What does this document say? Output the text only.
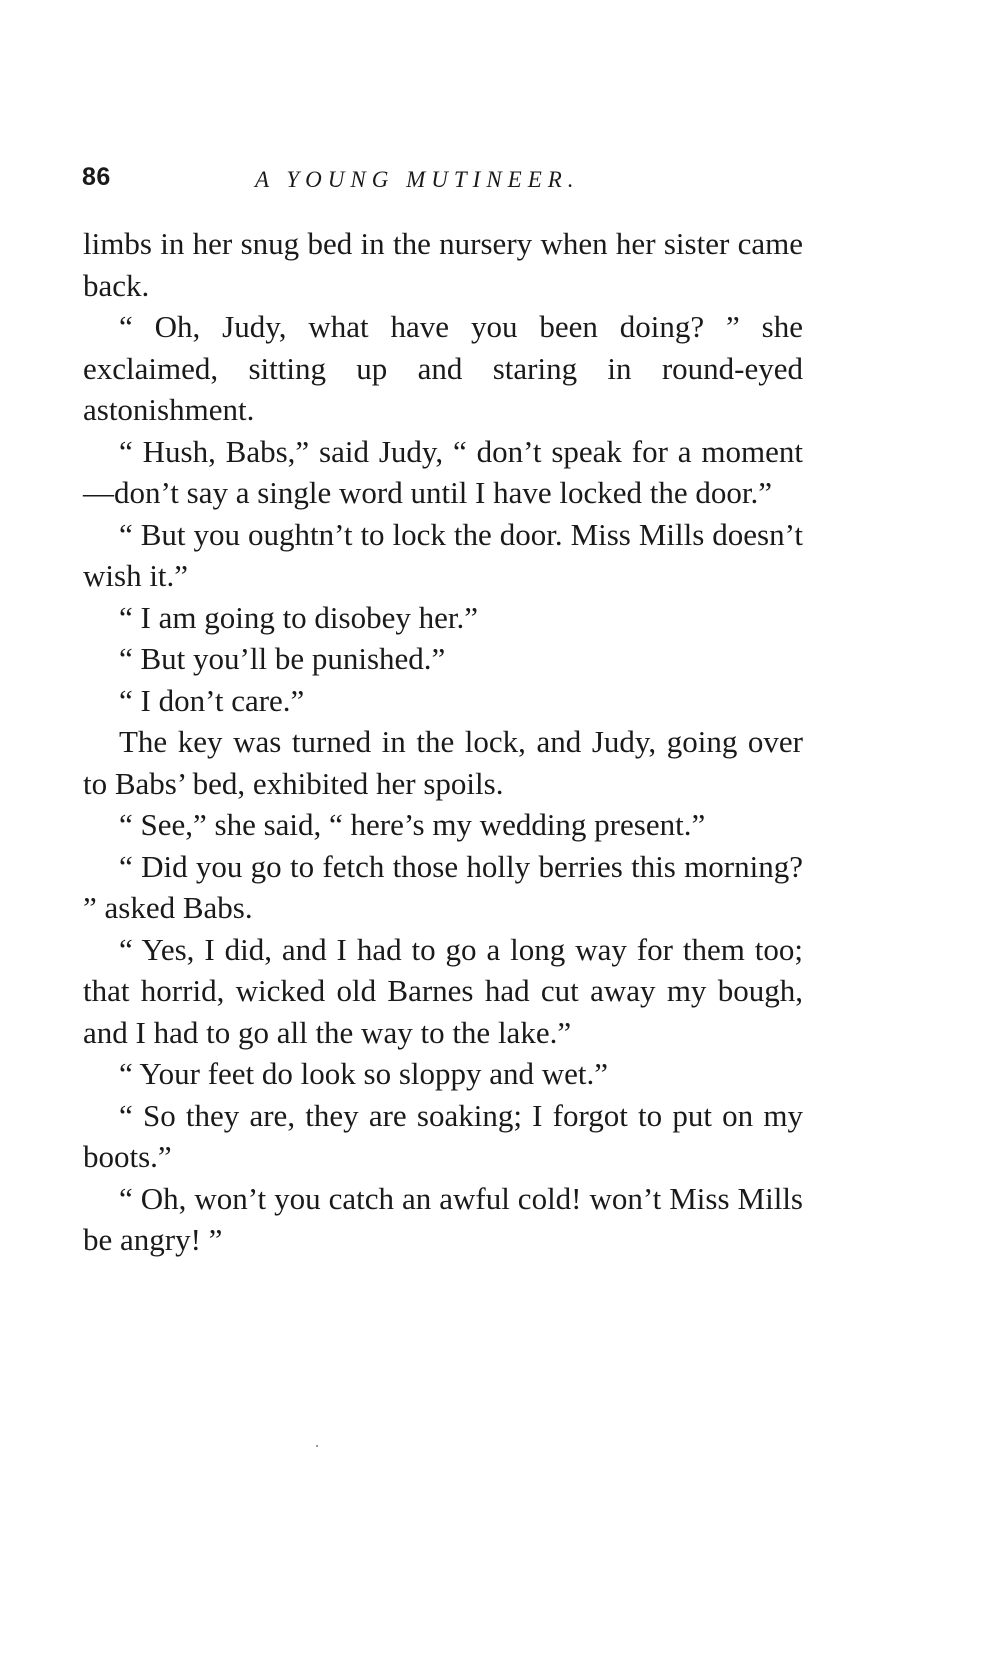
86	A YOUNG MUTINEER.

limbs in her snug bed in the nursery when her sister came back.

“ Oh, Judy, what have you been doing? ” she exclaimed, sitting up and staring in round-eyed astonishment.

“ Hush, Babs,” said Judy, “ don’t speak for a moment—don’t say a single word until I have locked the door.”

“ But you oughtn’t to lock the door. Miss Mills doesn’t wish it.”

“ I am going to disobey her.”

“ But you’ll be punished.”

“ I don’t care.”

The key was turned in the lock, and Judy, going over to Babs’ bed, exhibited her spoils.

“ See,” she said, “ here’s my wedding present.”

“ Did you go to fetch those holly berries this morning? ” asked Babs.

“ Yes, I did, and I had to go a long way for them too; that horrid, wicked old Barnes had cut away my bough, and I had to go all the way to the lake.”

“ Your feet do look so sloppy and wet.”

“ So they are, they are soaking; I forgot to put on my boots.”

“ Oh, won’t you catch an awful cold! won’t Miss Mills be angry! ”
